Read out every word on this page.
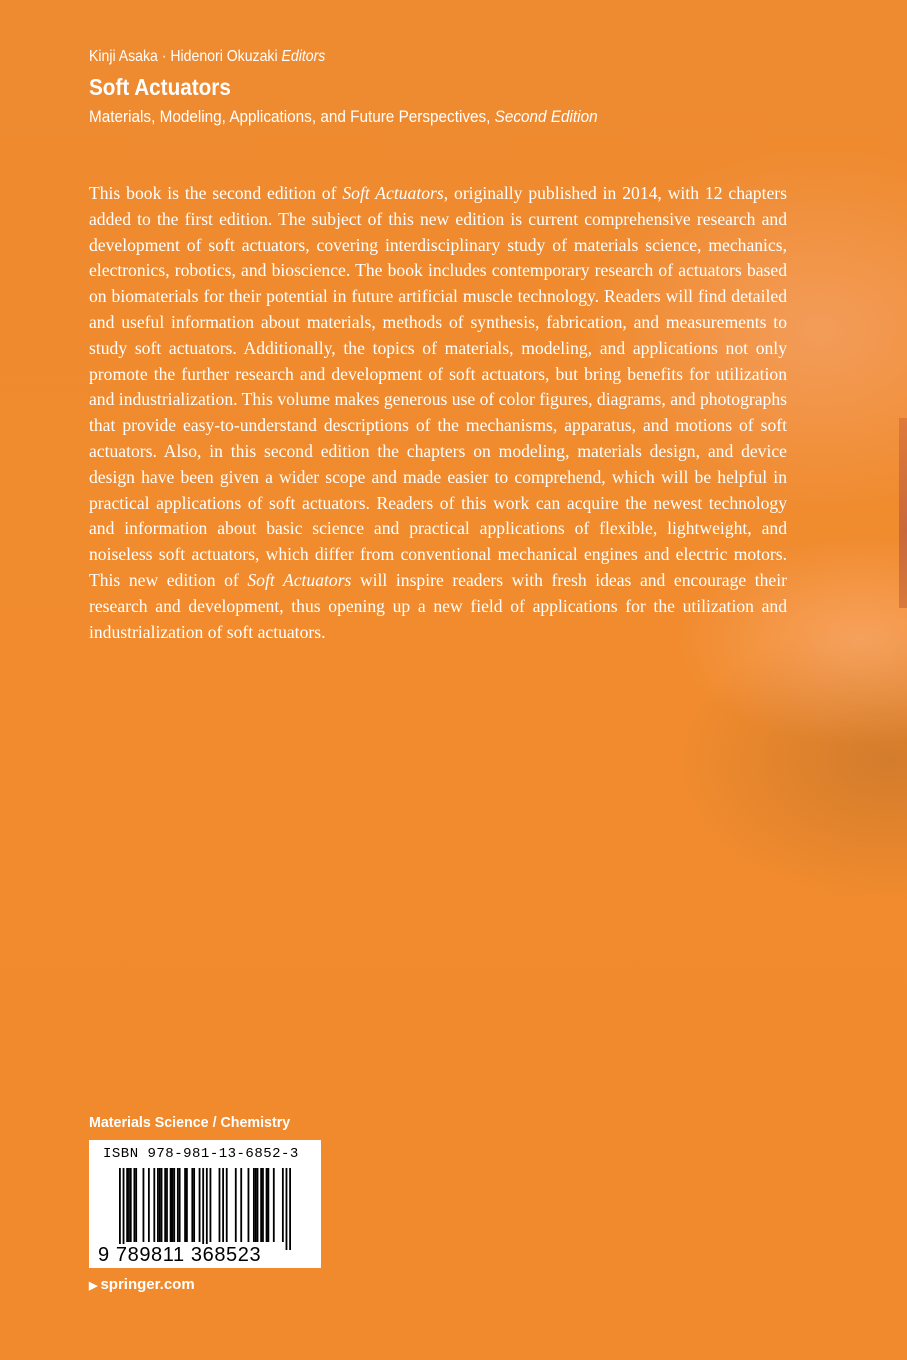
Kinji Asaka · Hidenori Okuzaki Editors
Soft Actuators
Materials, Modeling, Applications, and Future Perspectives, Second Edition

This book is the second edition of Soft Actuators, originally published in 2014, with 12 chapters added to the first edition. The subject of this new edition is current comprehensive research and development of soft actuators, covering interdisciplinary study of materials science, mechanics, electronics, robotics, and bioscience. The book includes contemporary research of actuators based on biomaterials for their potential in future artificial muscle technology. Readers will find detailed and useful information about materials, methods of synthesis, fabrication, and measurements to study soft actuators. Additionally, the topics of materials, modeling, and applications not only promote the further research and development of soft actuators, but bring benefits for utilization and industrialization. This volume makes generous use of color figures, diagrams, and photographs that provide easy-to-understand descriptions of the mechanisms, apparatus, and motions of soft actuators. Also, in this second edition the chapters on modeling, materials design, and device design have been given a wider scope and made easier to comprehend, which will be helpful in practical applications of soft actuators. Readers of this work can acquire the newest technology and information about basic science and practical applications of flexible, lightweight, and noiseless soft actuators, which differ from conventional mechanical engines and electric motors. This new edition of Soft Actuators will inspire readers with fresh ideas and encourage their research and development, thus opening up a new field of applications for the utilization and industrialization of soft actuators.

Materials Science / Chemistry
ISBN 978-981-13-6852-3
9 789811 368523
▶ springer.com
